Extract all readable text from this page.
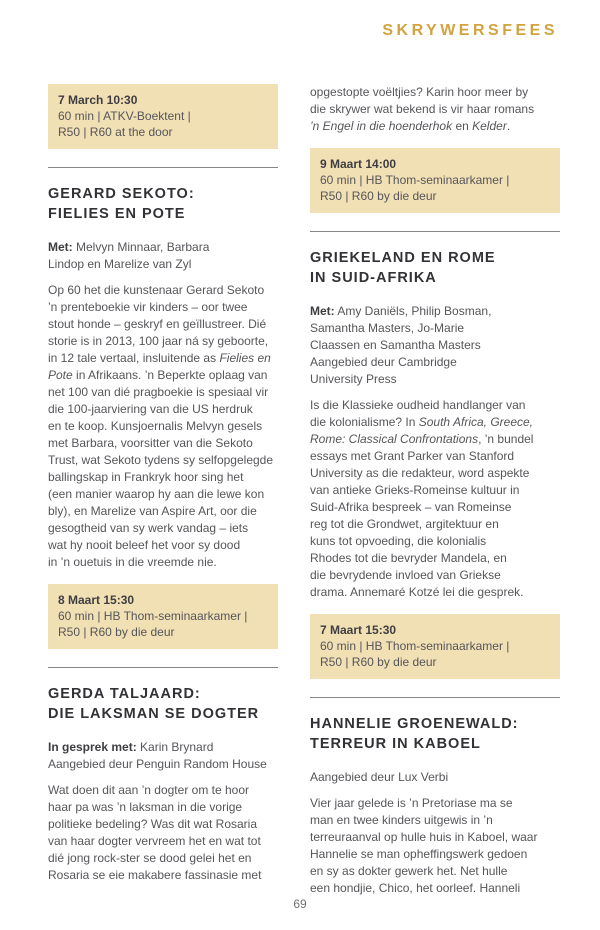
SKRYWERSFEES
7 March 10:30
60 min | ATKV-Boektent |
R50 | R60 at the door
GERARD SEKOTO:
FIELIES EN POTE
Met: Melvyn Minnaar, Barbara
Lindop en Marelize van Zyl
Op 60 het die kunstenaar Gerard Sekoto
’n prenteboekie vir kinders – oor twee
stout honde – geskryf en geïllustreer. Dié
storie is in 2013, 100 jaar ná sy geboorte,
in 12 tale vertaal, insluitende as Fielies en
Pote in Afrikaans. ’n Beperkte oplaag van
net 100 van dié pragboekie is spesiaal vir
die 100-jaarviering van die US herdruk
en te koop. Kunsjoernalis Melvyn gesels
met Barbara, voorsitter van die Sekoto
Trust, wat Sekoto tydens sy selfopgelegde
ballingskap in Frankryk hoor sing het
(een manier waarop hy aan die lewe kon
bly), en Marelize van Aspire Art, oor die
gesogtheid van sy werk vandag – iets
wat hy nooit beleef het voor sy dood
in ’n ouetuis in die vreemde nie.
8 Maart 15:30
60 min | HB Thom-seminaarkamer |
R50 | R60 by die deur
GERDA TALJAARD:
DIE LAKSMAN SE DOGTER
In gesprek met: Karin Brynard
Aangebied deur Penguin Random House
Wat doen dit aan ’n dogter om te hoor
haar pa was ’n laksman in die vorige
politieke bedeling? Was dit wat Rosaria
van haar dogter vervreem het en wat tot
dié jong rock-ster se dood gelei het en
Rosaria se eie makabere fassinasie met
opgestopte voëltjies? Karin hoor meer by
die skrywer wat bekend is vir haar romans
’n Engel in die hoenderhok en Kelder.
9 Maart 14:00
60 min | HB Thom-seminaarkamer |
R50 | R60 by die deur
GRIEKELAND EN ROME
IN SUID-AFRIKA
Met: Amy Daniëls, Philip Bosman,
Samantha Masters, Jo-Marie
Claassen en Samantha Masters
Aangebied deur Cambridge
University Press
Is die Klassieke oudheid handlanger van
die kolonialisme? In South Africa, Greece,
Rome: Classical Confrontations, ’n bundel
essays met Grant Parker van Stanford
University as die redakteur, word aspekte
van antieke Grieks-Romeinse kultuur in
Suid-Afrika bespreek – van Romeinse
reg tot die Grondwet, argitektuur en
kuns tot opvoeding, die kolonialis
Rhodes tot die bevryder Mandela, en
die bevrydende invloed van Griekse
drama. Annemaré Kotzé lei die gesprek.
7 Maart 15:30
60 min | HB Thom-seminaarkamer |
R50 | R60 by die deur
HANNELIE GROENEWALD:
TERREUR IN KABOEL
Aangebied deur Lux Verbi
Vier jaar gelede is ’n Pretoriase ma se
man en twee kinders uitgewis in ’n
terreuraanval op hulle huis in Kaboel, waar
Hannelie se man opheffingswerk gedoen
en sy as dokter gewerk het. Net hulle
een hondjie, Chico, het oorleef. Hanneli
69
